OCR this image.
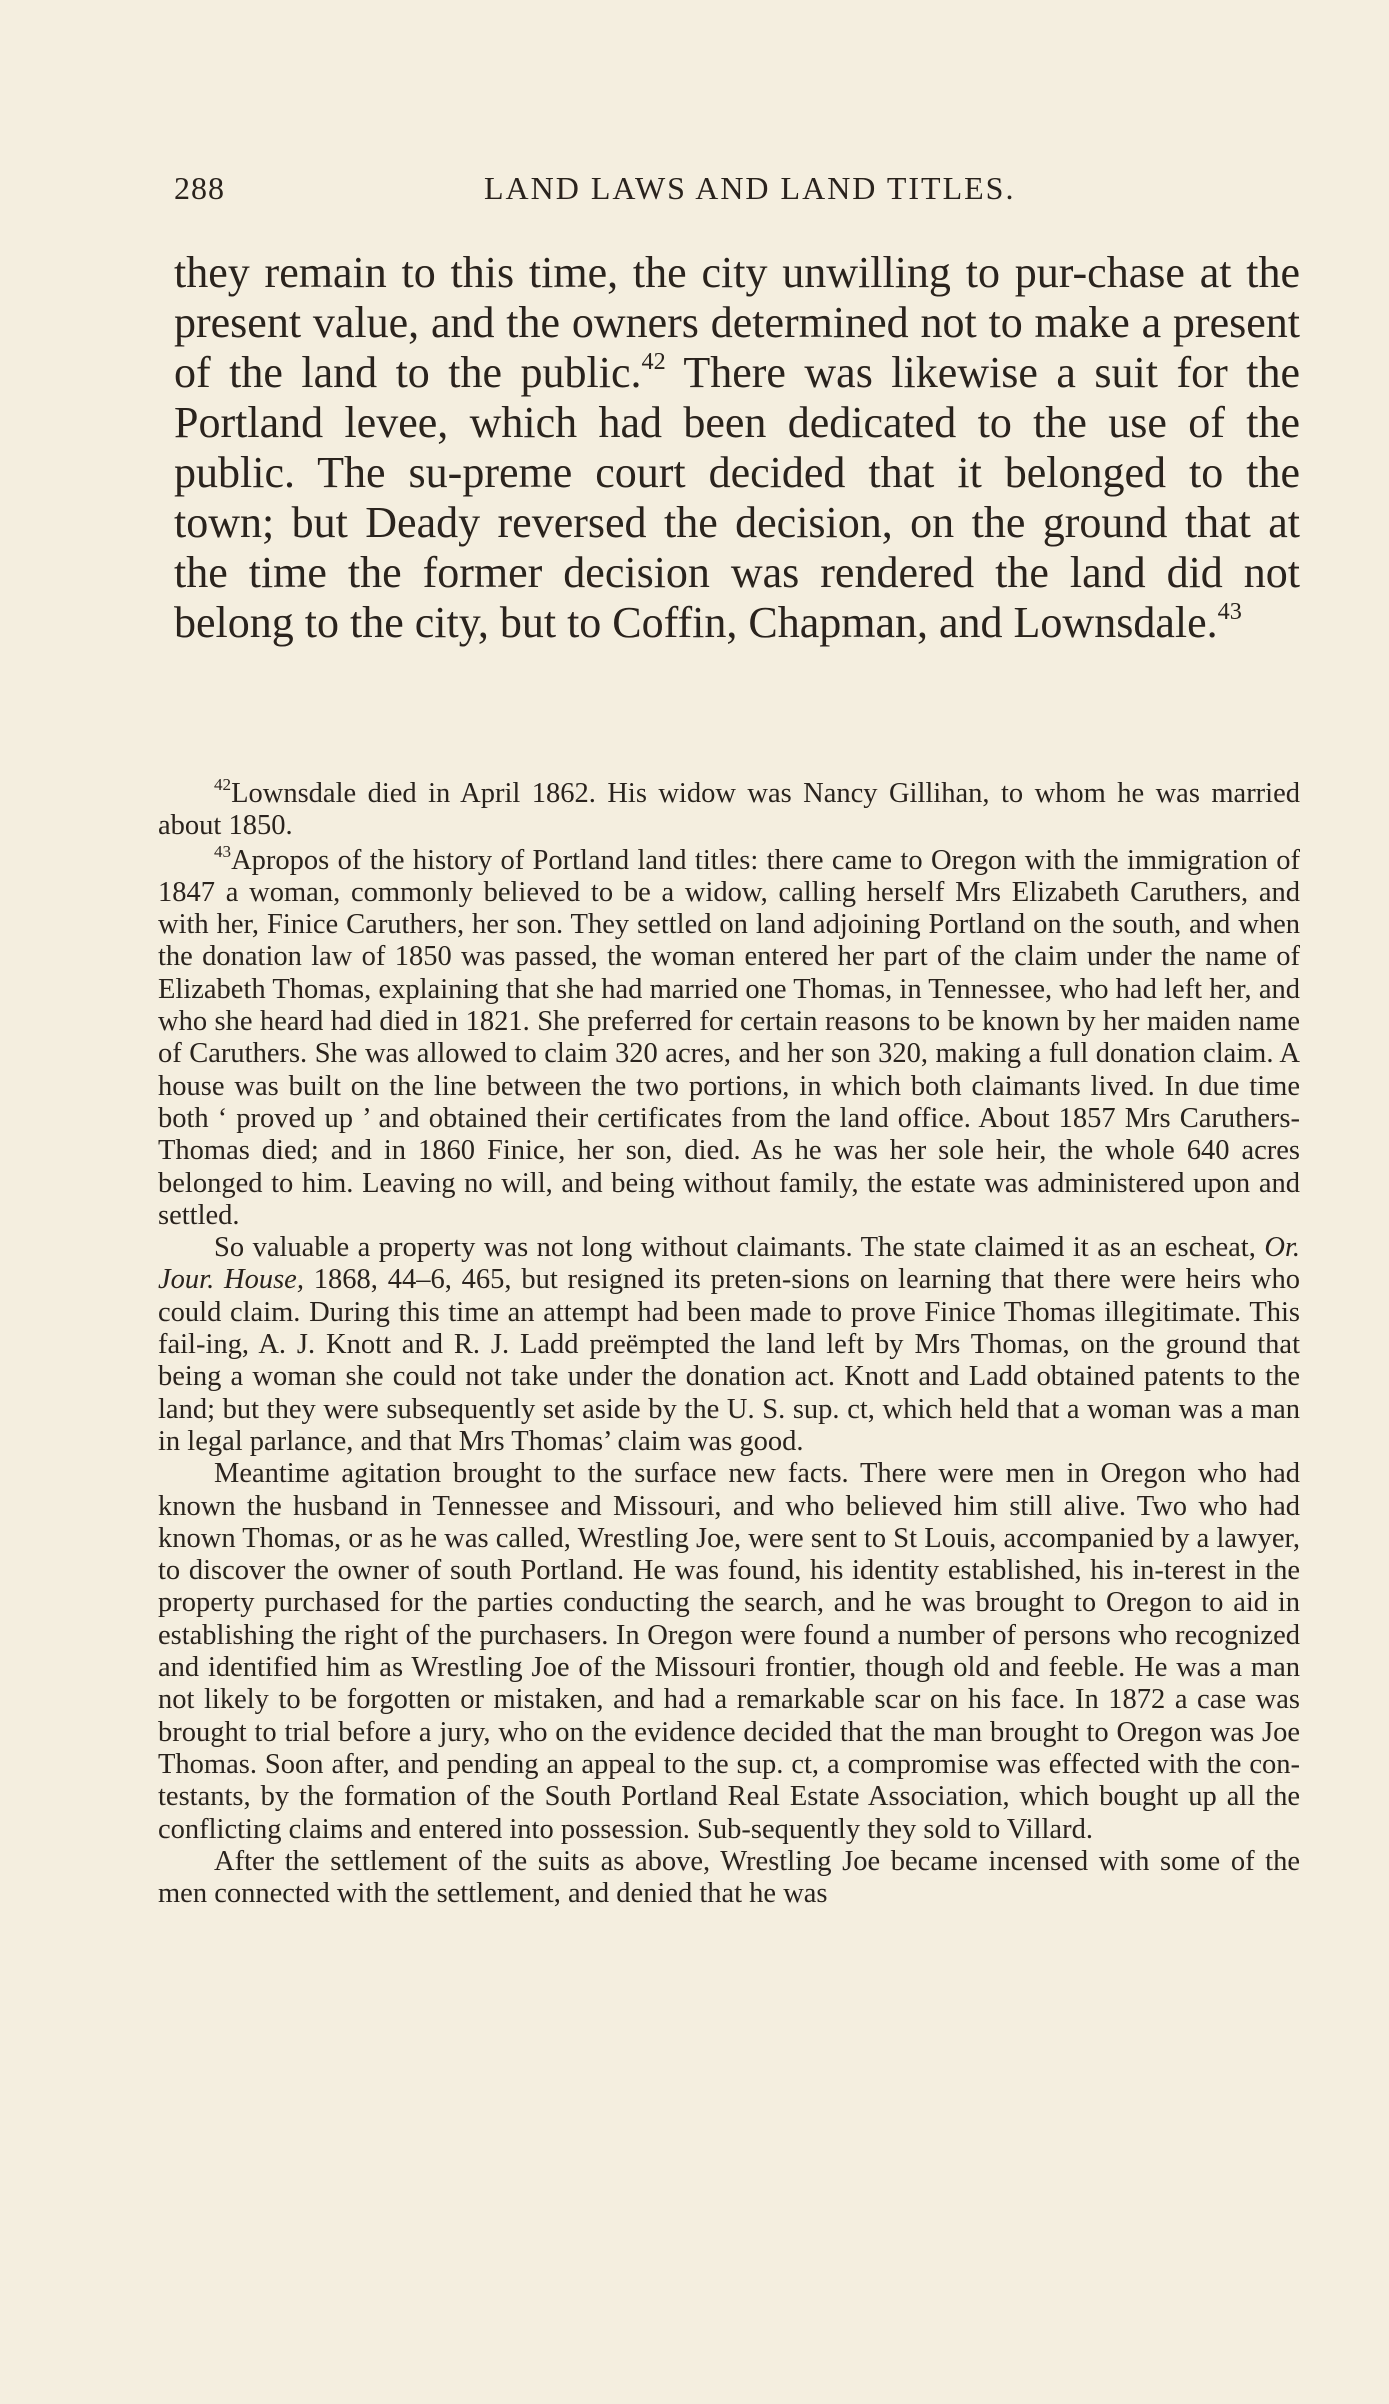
288	LAND LAWS AND LAND TITLES.

they remain to this time, the city unwilling to pur-chase at the present value, and the owners determined not to make a present of the land to the public.$^{42}$ There was likewise a suit for the Portland levee, which had been dedicated to the use of the public. The su-preme court decided that it belonged to the town; but Deady reversed the decision, on the ground that at the time the former decision was rendered the land did not belong to the city, but to Coffin, Chapman, and Lownsdale.$^{43}$

$^{42}$Lownsdale died in April 1862. His widow was Nancy Gillihan, to whom he was married about 1850.

$^{43}$Apropos of the history of Portland land titles: there came to Oregon with the immigration of 1847 a woman, commonly believed to be a widow, calling herself Mrs Elizabeth Caruthers, and with her, Finice Caruthers, her son. They settled on land adjoining Portland on the south, and when the donation law of 1850 was passed, the woman entered her part of the claim under the name of Elizabeth Thomas, explaining that she had married one Thomas, in Tennessee, who had left her, and who she heard had died in 1821. She preferred for certain reasons to be known by her maiden name of Caruthers. She was allowed to claim 320 acres, and her son 320, making a full donation claim. A house was built on the line between the two portions, in which both claimants lived. In due time both ‘ proved up ’ and obtained their certificates from the land office. About 1857 Mrs Caruthers-Thomas died; and in 1860 Finice, her son, died. As he was her sole heir, the whole 640 acres belonged to him. Leaving no will, and being without family, the estate was administered upon and settled.

So valuable a property was not long without claimants. The state claimed it as an escheat, Or. Jour. House, 1868, 44–6, 465, but resigned its preten-sions on learning that there were heirs who could claim. During this time an attempt had been made to prove Finice Thomas illegitimate. This fail-ing, A. J. Knott and R. J. Ladd preëmpted the land left by Mrs Thomas, on the ground that being a woman she could not take under the donation act. Knott and Ladd obtained patents to the land; but they were subsequently set aside by the U. S. sup. ct, which held that a woman was a man in legal parlance, and that Mrs Thomas’ claim was good.

Meantime agitation brought to the surface new facts. There were men in Oregon who had known the husband in Tennessee and Missouri, and who believed him still alive. Two who had known Thomas, or as he was called, Wrestling Joe, were sent to St Louis, accompanied by a lawyer, to discover the owner of south Portland. He was found, his identity established, his in-terest in the property purchased for the parties conducting the search, and he was brought to Oregon to aid in establishing the right of the purchasers. In Oregon were found a number of persons who recognized and identified him as Wrestling Joe of the Missouri frontier, though old and feeble. He was a man not likely to be forgotten or mistaken, and had a remarkable scar on his face. In 1872 a case was brought to trial before a jury, who on the evidence decided that the man brought to Oregon was Joe Thomas. Soon after, and pending an appeal to the sup. ct, a compromise was effected with the con-testants, by the formation of the South Portland Real Estate Association, which bought up all the conflicting claims and entered into possession. Sub-sequently they sold to Villard.

After the settlement of the suits as above, Wrestling Joe became incensed with some of the men connected with the settlement, and denied that he was
